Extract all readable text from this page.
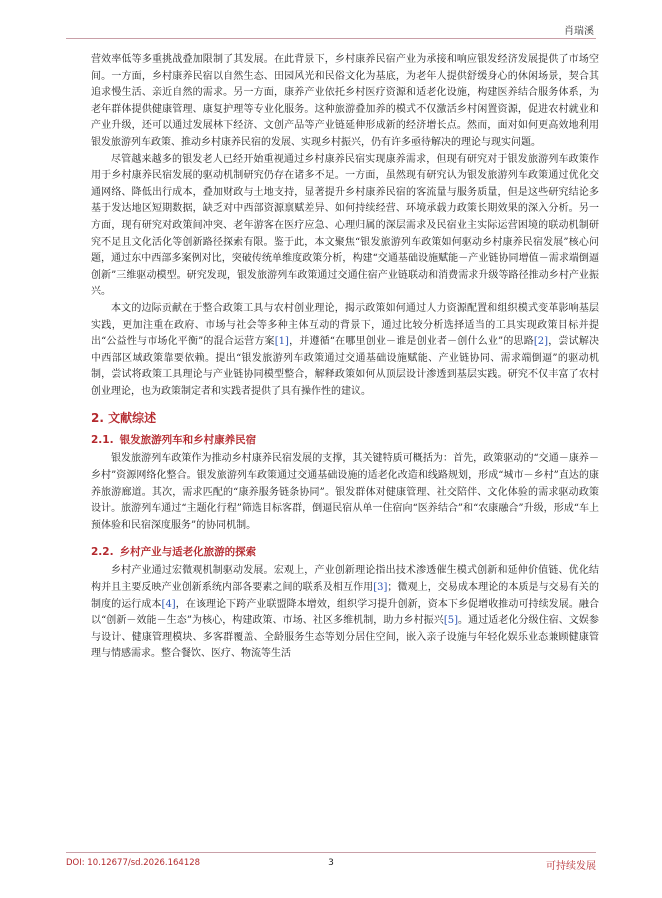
肖瑞溪

营效率低等多重挑战叠加限制了其发展。在此背景下，乡村康养民宿产业为承接和响应银发经济发展提供了市场空间。一方面，乡村康养民宿以自然生态、田园风光和民俗文化为基底，为老年人提供舒缓身心的休闲场景，契合其追求慢生活、亲近自然的需求。另一方面，康养产业依托乡村医疗资源和适老化设施，构建医养结合服务体系，为老年群体提供健康管理、康复护理等专业化服务。这种旅游叠加养的模式不仅激活乡村闲置资源，促进农村就业和产业升级，还可以通过发展林下经济、文创产品等产业链延伸形成新的经济增长点。然而，面对如何更高效地利用银发旅游列车政策、推动乡村康养民宿的发展、实现乡村振兴，仍有许多亟待解决的理论与现实问题。

尽管越来越多的银发老人已经开始重视通过乡村康养民宿实现康养需求，但现有研究对于银发旅游列车政策作用于乡村康养民宿发展的驱动机制研究仍存在诸多不足。一方面，虽然现有研究认为银发旅游列车政策通过优化交通网络、降低出行成本，叠加财政与土地支持，显著提升乡村康养民宿的客流量与服务质量，但是这些研究结论多基于发达地区短期数据，缺乏对中西部资源禀赋差异、如何持续经营、环境承载力政策长期效果的深入分析。另一方面，现有研究对政策间冲突、老年游客在医疗应急、心理归属的深层需求及民宿业主实际运营困境的联动机制研究不足且文化活化等创新路径探索有限。鉴于此，本文聚焦“银发旅游列车政策如何驱动乡村康养民宿发展”核心问题，通过东中西部多案例对比，突破传统单维度政策分析，构建“交通基础设施赋能－产业链协同增值－需求端倒逼创新”三维驱动模型。研究发现，银发旅游列车政策通过交通住宿产业链联动和消费需求升级等路径推动乡村产业振兴。

本文的边际贡献在于整合政策工具与农村创业理论，揭示政策如何通过人力资源配置和组织模式变革影响基层实践，更加注重在政府、市场与社会等多种主体互动的背景下，通过比较分析选择适当的工具实现政策目标并提出“公益性与市场化平衡”的混合运营方案[1]，并遵循“在哪里创业－谁是创业者－创什么业”的思路[2]，尝试解决中西部区域政策靠要依赖。提出“银发旅游列车政策通过交通基础设施赋能、产业链协同、需求端倒逼”的驱动机制，尝试将政策工具理论与产业链协同模型整合，解释政策如何从顶层设计渗透到基层实践。研究不仅丰富了农村创业理论，也为政策制定者和实践者提供了具有操作性的建议。

2. 文献综述
2.1. 银发旅游列车和乡村康养民宿

银发旅游列车政策作为推动乡村康养民宿发展的支撑，其关键特质可概括为：首先，政策驱动的“交通－康养－乡村”资源网络化整合。银发旅游列车政策通过交通基础设施的适老化改造和线路规划，形成“城市－乡村”直达的康养旅游廊道。其次，需求匹配的“康养服务链条协同”。银发群体对健康管理、社交陪伴、文化体验的需求驱动政策设计。旅游列车通过“主题化行程”筛选目标客群，倒逼民宿从单一住宿向“医养结合”和“农康融合”升级，形成“车上预体验和民宿深度服务”的协同机制。

2.2. 乡村产业与适老化旅游的探索

乡村产业通过宏微观机制驱动发展。宏观上，产业创新理论指出技术渗透催生模式创新和延伸价值链、优化结构并且主要反映产业创新系统内部各要素之间的联系及相互作用[3]；微观上，交易成本理论的本质是与交易有关的制度的运行成本[4]，在该理论下跨产业联盟降本增效，组织学习提升创新，资本下乡促增收推动可持续发展。融合以“创新－效能－生态”为核心，构建政策、市场、社区多维机制，助力乡村振兴[5]。通过适老化分级住宿、文娱参与设计、健康管理模块、多客群覆盖、全龄服务生态等划分居住空间，嵌入亲子设施与年轻化娱乐业态兼顾健康管理与情感需求。整合餐饮、医疗、物流等生活

DOI: 10.12677/sd.2026.164128	3	可持续发展
